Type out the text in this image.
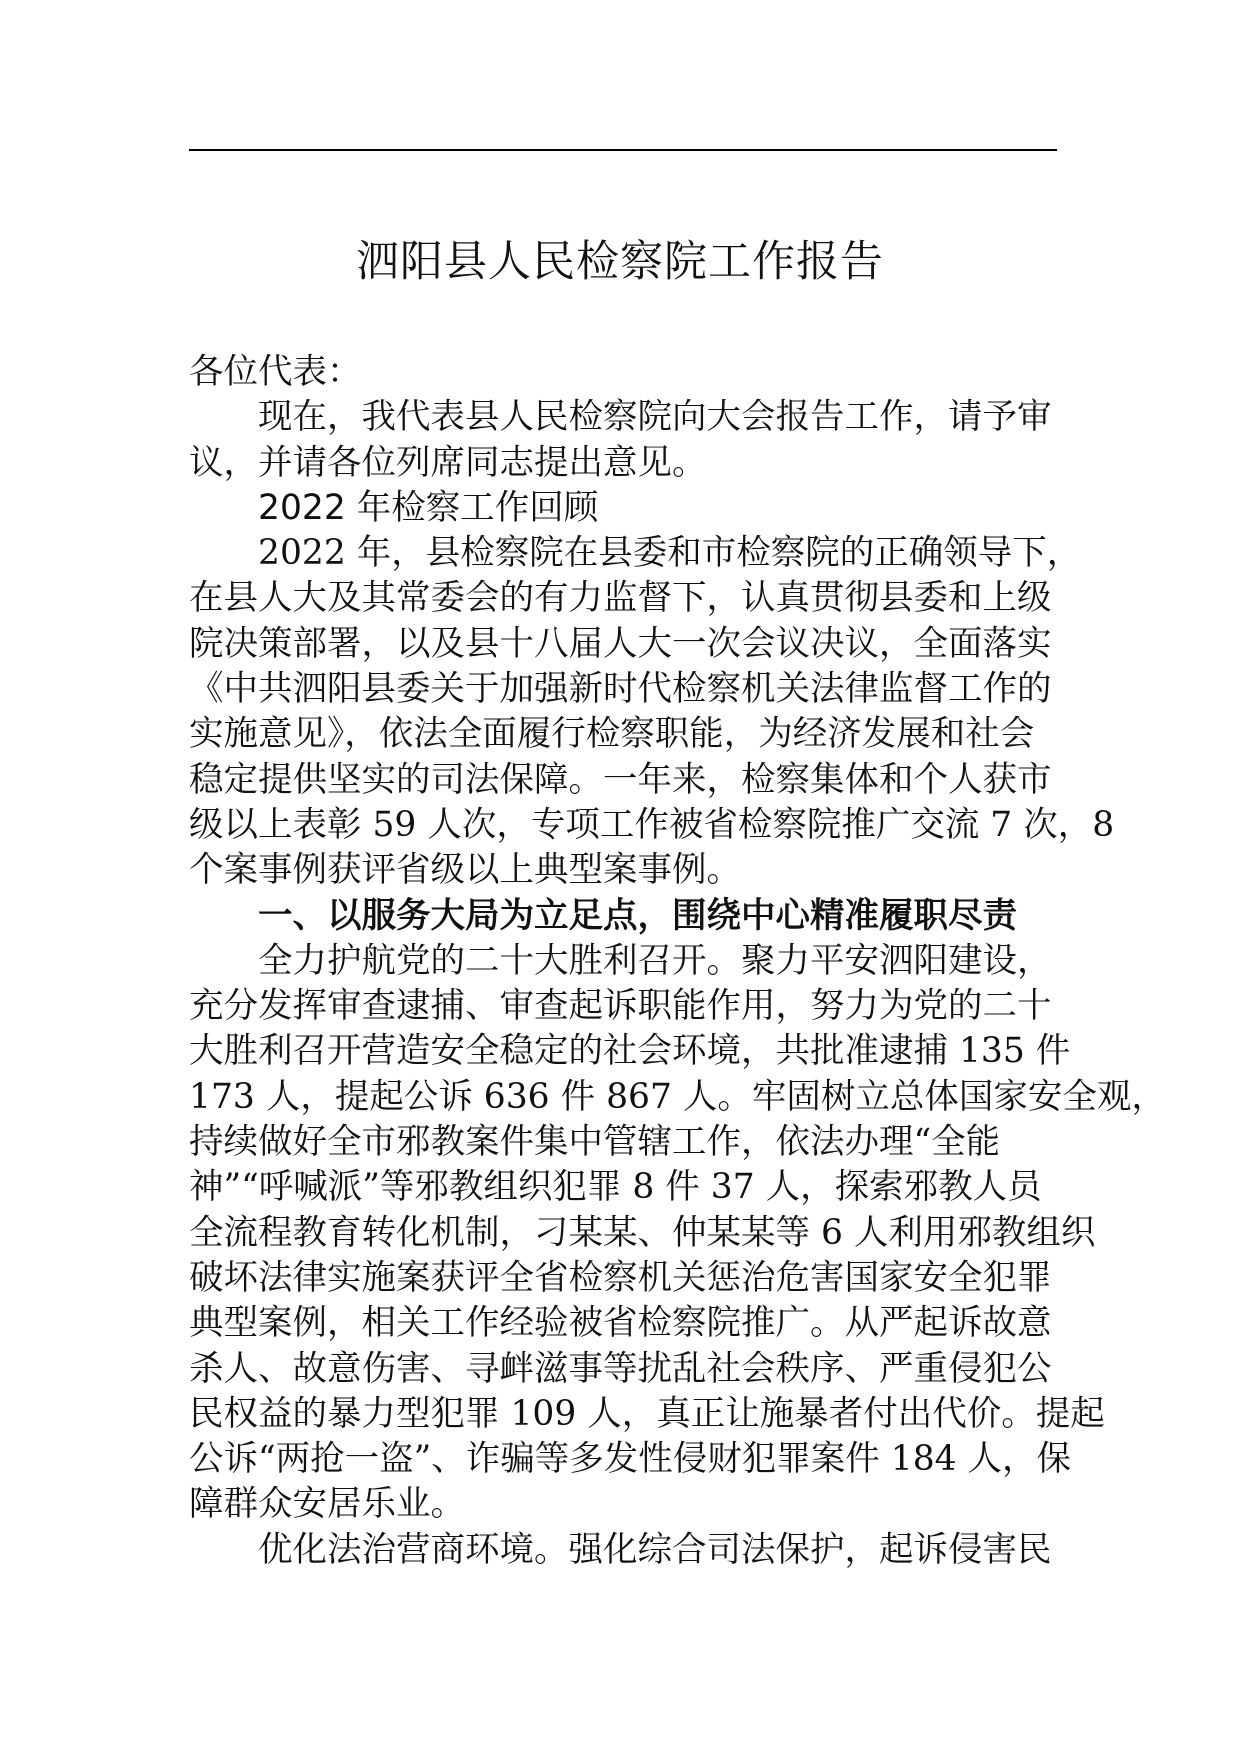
泗阳县人民检察院工作报告
各位代表：
现在，我代表县人民检察院向大会报告工作，请予审
议，并请各位列席同志提出意见。
2022 年检察工作回顾
2022 年，县检察院在县委和市检察院的正确领导下，
在县人大及其常委会的有力监督下，认真贯彻县委和上级
院决策部署，以及县十八届人大一次会议决议，全面落实
《中共泗阳县委关于加强新时代检察机关法律监督工作的
实施意见》，依法全面履行检察职能，为经济发展和社会
稳定提供坚实的司法保障。一年来，检察集体和个人获市
级以上表彰 59 人次，专项工作被省检察院推广交流 7 次，8
个案事例获评省级以上典型案事例。
一、以服务大局为立足点，围绕中心精准履职尽责
全力护航党的二十大胜利召开。聚力平安泗阳建设，
充分发挥审查逮捕、审查起诉职能作用，努力为党的二十
大胜利召开营造安全稳定的社会环境，共批准逮捕 135 件
173 人，提起公诉 636 件 867 人。牢固树立总体国家安全观，
持续做好全市邪教案件集中管辖工作，依法办理“全能
神”“呼喊派”等邪教组织犯罪 8 件 37 人，探索邪教人员
全流程教育转化机制，刁某某、仲某某等 6 人利用邪教组织
破坏法律实施案获评全省检察机关惩治危害国家安全犯罪
典型案例，相关工作经验被省检察院推广。从严起诉故意
杀人、故意伤害、寻衅滋事等扰乱社会秩序、严重侵犯公
民权益的暴力型犯罪 109 人，真正让施暴者付出代价。提起
公诉“两抢一盗”、诈骗等多发性侵财犯罪案件 184 人，保
障群众安居乐业。
优化法治营商环境。强化综合司法保护，起诉侵害民
